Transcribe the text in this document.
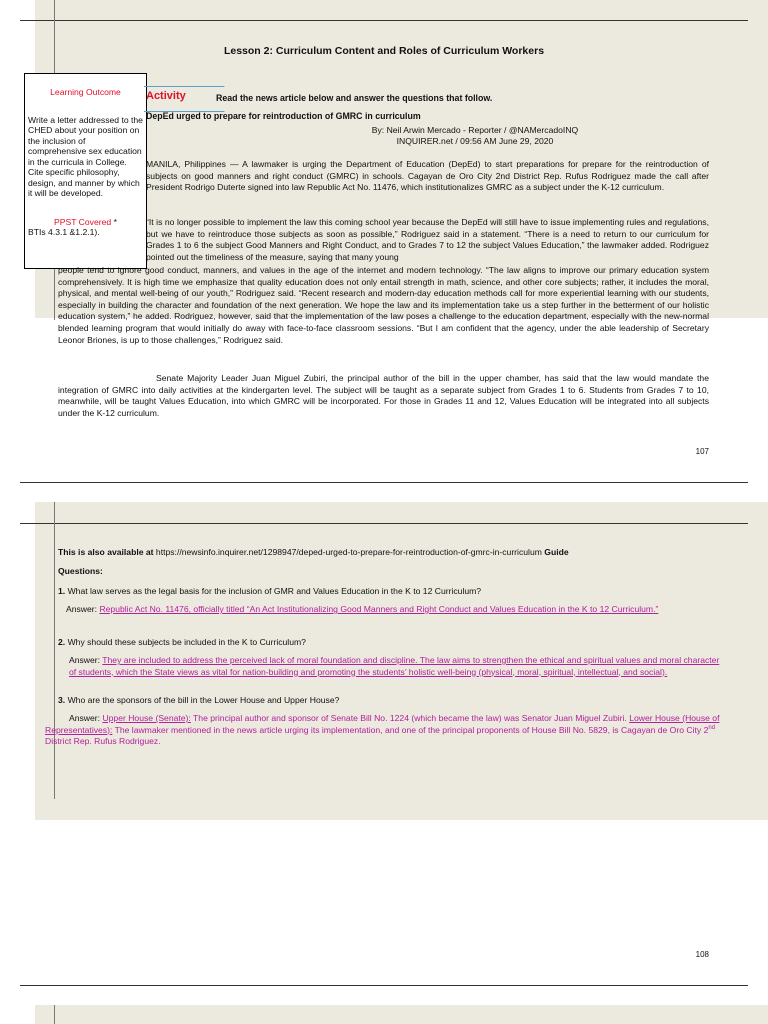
Lesson 2: Curriculum Content and Roles of Curriculum Workers
Learning Outcome
Write a letter addressed to the CHED about your position on the inclusion of comprehensive sex education in the curricula in College. Cite specific philosophy, design, and manner by which it will be developed.
PPST Covered *
BTIs 4.3.1 &1.2.1).
Activity	Read the news article below and answer the questions that follow.
DepEd urged to prepare for reintroduction of GMRC in curriculum
By: Neil Arwin Mercado - Reporter / @NAMercadoINQ
INQUIRER.net / 09:56 AM June 29, 2020
MANILA, Philippines — A lawmaker is urging the Department of Education (DepEd) to start preparations for prepare for the reintroduction of subjects on good manners and right conduct (GMRC) in schools. Cagayan de Oro City 2nd District Rep. Rufus Rodriguez made the call after President Rodrigo Duterte signed into law Republic Act No. 11476, which institutionalizes GMRC as a subject under the K-12 curriculum.
“It is no longer possible to implement the law this coming school year because the DepEd will still have to issue implementing rules and regulations, but we have to reintroduce those subjects as soon as possible,” Rodriguez said in a statement. “There is a need to return to our curriculum for Grades 1 to 6 the subject Good Manners and Right Conduct, and to Grades 7 to 12 the subject Values Education,” the lawmaker added. Rodriguez pointed out the timeliness of the measure, saying that many young
people tend to ignore good conduct, manners, and values in the age of the internet and modern technology. “The law aligns to improve our primary education system comprehensively. It is high time we emphasize that quality education does not only entail strength in math, science, and other core subjects; rather, it includes the moral, physical, and mental well-being of our youth,” Rodriguez said. “Recent research and modern-day education methods call for more experiential learning with our students, especially in building the character and foundation of the next generation. We hope the law and its implementation take us a step further in the betterment of our holistic education system,” he added. Rodriguez, however, said that the implementation of the law poses a challenge to the education department, especially with the new-normal blended learning program that would initially do away with face-to-face classroom sessions. “But I am confident that the agency, under the able leadership of Secretary Leonor Briones, is up to those challenges,” Rodriguez said.
Senate Majority Leader Juan Miguel Zubiri, the principal author of the bill in the upper chamber, has said that the law would mandate the integration of GMRC into daily activities at the kindergarten level. The subject will be taught as a separate subject from Grades 1 to 6. Students from Grades 7 to 10, meanwhile, will be taught Values Education, into which GMRC will be incorporated. For those in Grades 11 and 12, Values Education will be integrated into all subjects under the K-12 curriculum.
107
This is also available at https://newsinfo.inquirer.net/1298947/deped-urged-to-prepare-for-reintroduction-of-gmrc-in-curriculum Guide
Questions:
1. What law serves as the legal basis for the inclusion of GMR and Values Education in the K to 12 Curriculum?
Answer: Republic Act No. 11476, officially titled “An Act Institutionalizing Good Manners and Right Conduct and Values Education in the K to 12 Curriculum.”
2. Why should these subjects be included in the K to Curriculum?
Answer: They are included to address the perceived lack of moral foundation and discipline. The law aims to strengthen the ethical and spiritual values and moral character of students, which the State views as vital for nation-building and promoting the students’ holistic well-being (physical, moral, spiritual, intellectual, and social).
3. Who are the sponsors of the bill in the Lower House and Upper House?
Answer: Upper House (Senate): The principal author and sponsor of Senate Bill No. 1224 (which became the law) was Senator Juan Miguel Zubiri. Lower House (House of Representatives): The lawmaker mentioned in the news article urging its implementation, and one of the principal proponents of House Bill No. 5829, is Cagayan de Oro City 2nd District Rep. Rufus Rodriguez.
108
